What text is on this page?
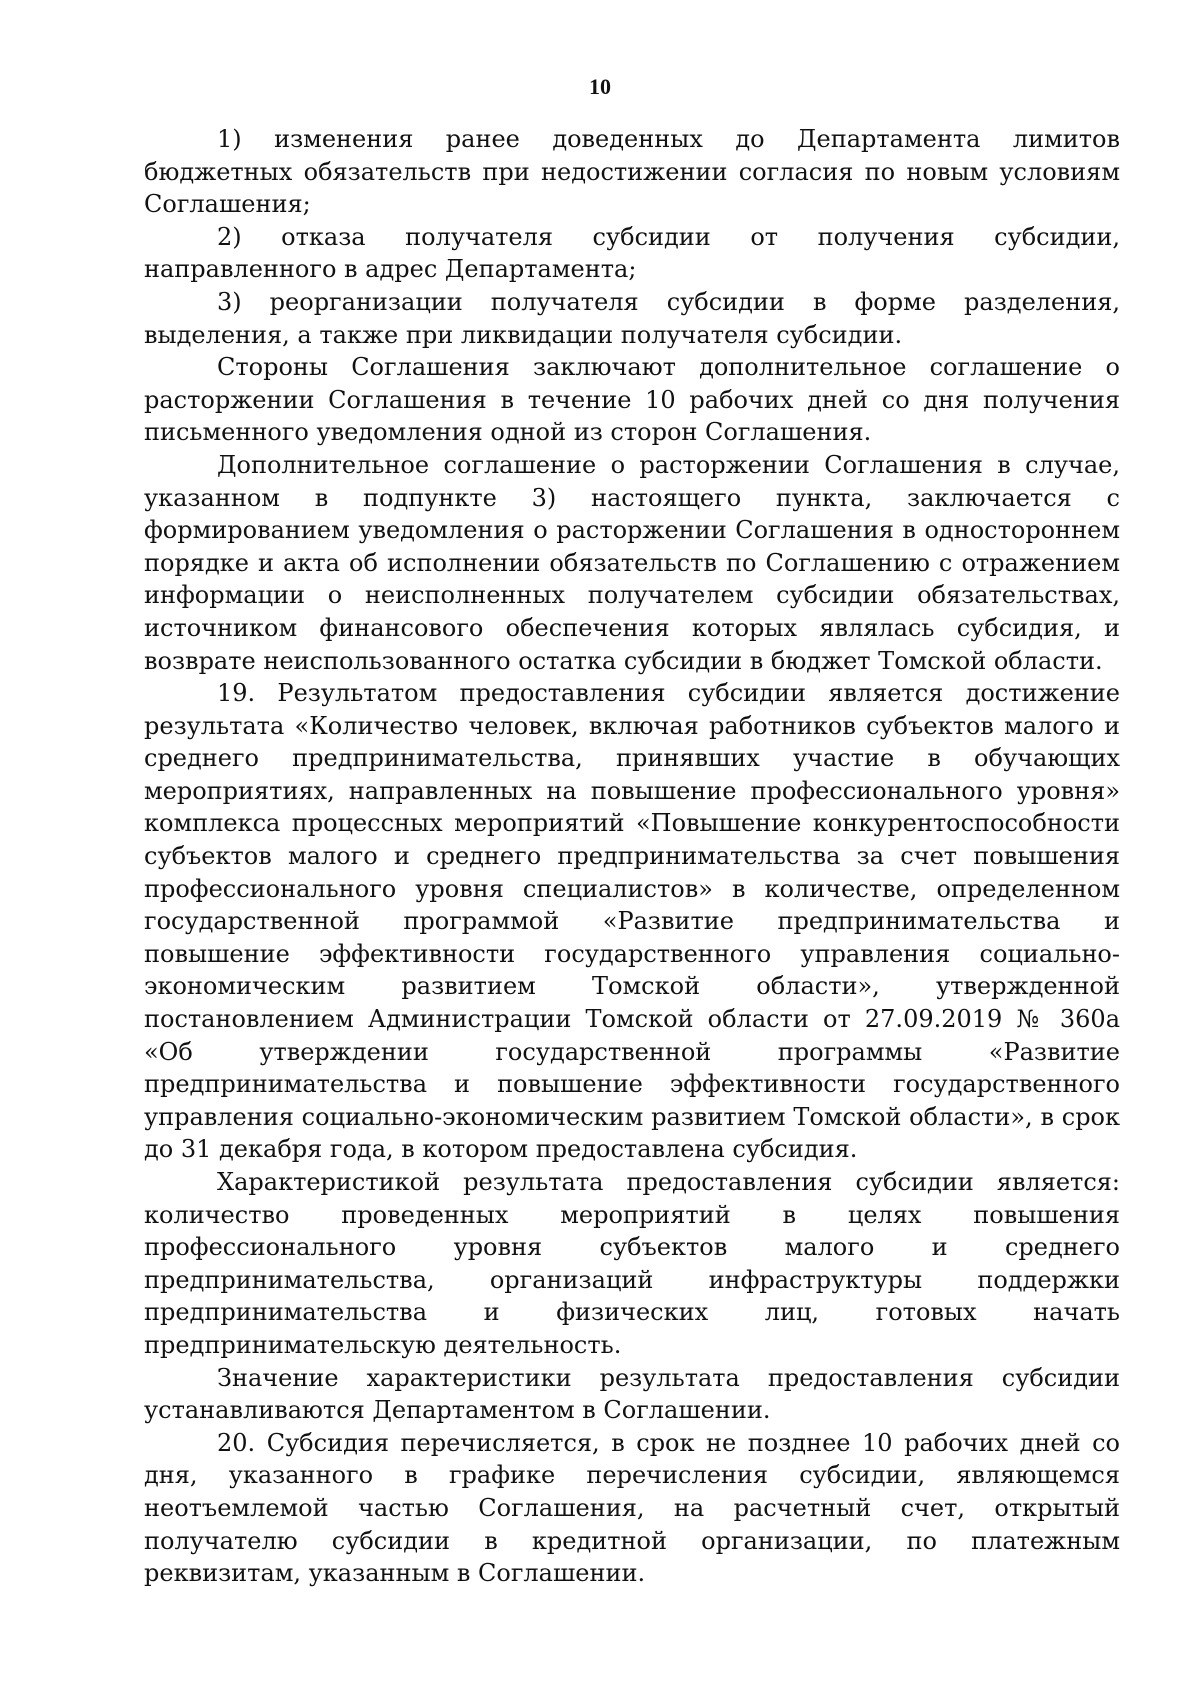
10

1) изменения ранее доведенных до Департамента лимитов бюджетных обязательств при недостижении согласия по новым условиям Соглашения;

2) отказа получателя субсидии от получения субсидии, направленного в адрес Департамента;

3) реорганизации получателя субсидии в форме разделения, выделения, а также при ликвидации получателя субсидии.

Стороны Соглашения заключают дополнительное соглашение о расторжении Соглашения в течение 10 рабочих дней со дня получения письменного уведомления одной из сторон Соглашения.

Дополнительное соглашение о расторжении Соглашения в случае, указанном в подпункте 3) настоящего пункта, заключается с формированием уведомления о расторжении Соглашения в одностороннем порядке и акта об исполнении обязательств по Соглашению с отражением информации о неисполненных получателем субсидии обязательствах, источником финансового обеспечения которых являлась субсидия, и возврате неиспользованного остатка субсидии в бюджет Томской области.

19. Результатом предоставления субсидии является достижение результата «Количество человек, включая работников субъектов малого и среднего предпринимательства, принявших участие в обучающих мероприятиях, направленных на повышение профессионального уровня» комплекса процессных мероприятий «Повышение конкурентоспособности субъектов малого и среднего предпринимательства за счет повышения профессионального уровня специалистов» в количестве, определенном государственной программой «Развитие предпринимательства и повышение эффективности государственного управления социально-экономическим развитием Томской области», утвержденной постановлением Администрации Томской области от 27.09.2019 № 360а «Об утверждении государственной программы «Развитие предпринимательства и повышение эффективности государственного управления социально-экономическим развитием Томской области», в срок до 31 декабря года, в котором предоставлена субсидия.

Характеристикой результата предоставления субсидии является: количество проведенных мероприятий в целях повышения профессионального уровня субъектов малого и среднего предпринимательства, организаций инфраструктуры поддержки предпринимательства и физических лиц, готовых начать предпринимательскую деятельность.

Значение характеристики результата предоставления субсидии устанавливаются Департаментом в Соглашении.

20. Субсидия перечисляется, в срок не позднее 10 рабочих дней со дня, указанного в графике перечисления субсидии, являющемся неотъемлемой частью Соглашения, на расчетный счет, открытый получателю субсидии в кредитной организации, по платежным реквизитам, указанным в Соглашении.
